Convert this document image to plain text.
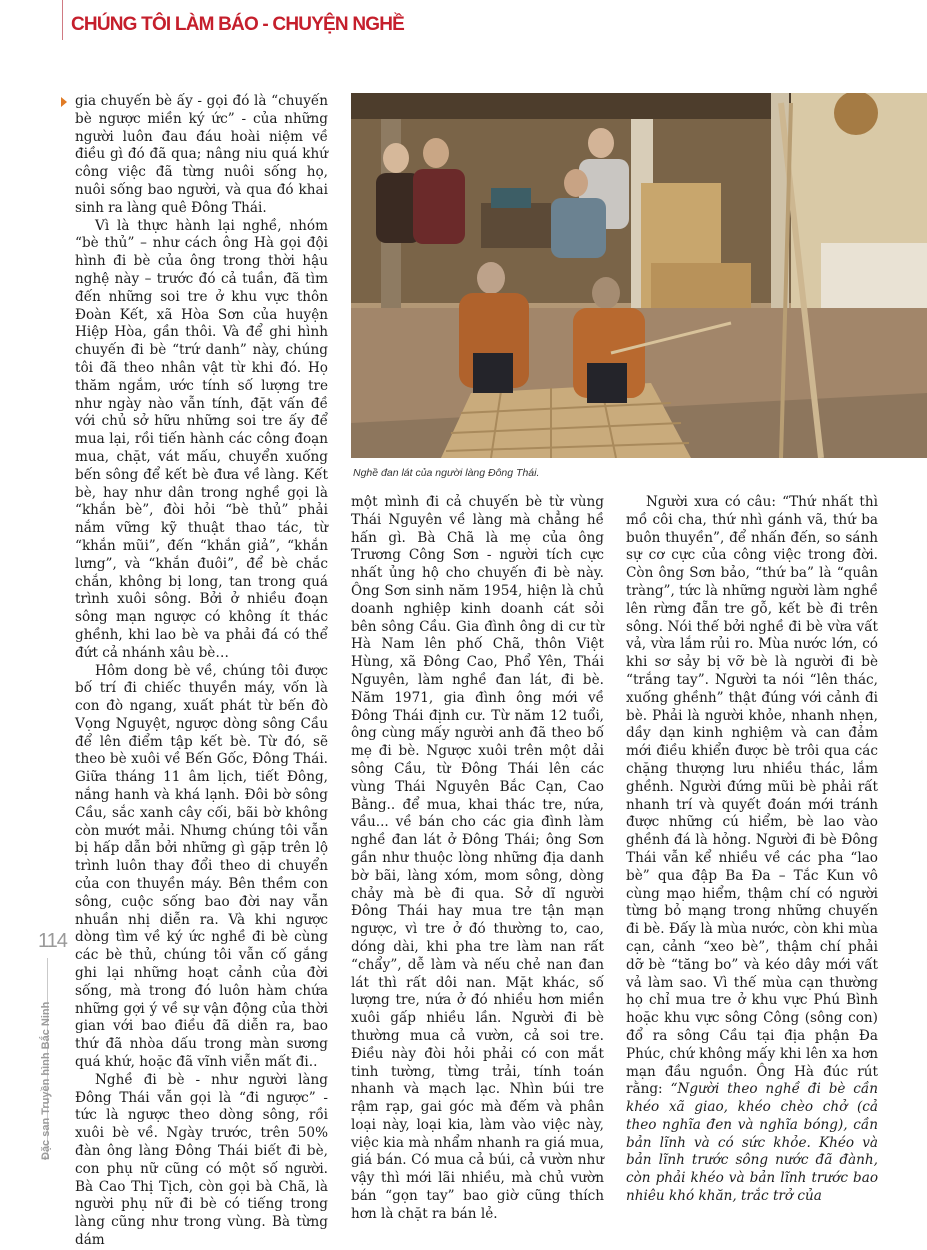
CHÚNG TÔI LÀM BÁO - CHUYỆN NGHỀ

gia chuyến bè ấy - gọi đó là “chuyến bè ngược miền ký ức” - của những người luôn đau đáu hoài niệm về điều gì đó đã qua; nâng niu quá khứ công việc đã từng nuôi sống họ, nuôi sống bao người, và qua đó khai sinh ra làng quê Đông Thái.

Vì là thực hành lại nghề, nhóm “bè thủ” – như cách ông Hà gọi đội hình đi bè của ông trong thời hậu nghệ này – trước đó cả tuần, đã tìm đến những soi tre ở khu vực thôn Đoàn Kết, xã Hòa Sơn của huyện Hiệp Hòa, gần thôi. Và để ghi hình chuyến đi bè “trứ danh” này, chúng tôi đã theo nhân vật từ khi đó. Họ thăm ngắm, ước tính số lượng tre như ngày nào vẫn tính, đặt vấn đề với chủ sở hữu những soi tre ấy để mua lại, rồi tiến hành các công đoạn mua, chặt, vát mấu, chuyển xuống bến sông để kết bè đưa về làng. Kết bè, hay như dân trong nghề gọi là “khắn bè”, đòi hỏi “bè thủ” phải nắm vững kỹ thuật thao tác, từ “khắn mũi”, đến “khắn giả”, “khắn lưng”, và “khắn đuôi”, để bè chắc chắn, không bị long, tan trong quá trình xuôi sông. Bởi ở nhiều đoạn sông mạn ngược có không ít thác ghềnh, khi lao bè va phải đá có thể đứt cả nhánh xâu bè…

Hôm dong bè về, chúng tôi được bố trí đi chiếc thuyền máy, vốn là con đò ngang, xuất phát từ bến đò Vọng Nguyệt, ngược dòng sông Cầu để lên điểm tập kết bè. Từ đó, sẽ theo bè xuôi về Bến Gốc, Đông Thái. Giữa tháng 11 âm lịch, tiết Đông, nắng hanh và khá lạnh. Đôi bờ sông Cầu, sắc xanh cây cối, bãi bờ không còn mướt mải. Nhưng chúng tôi vẫn bị hấp dẫn bởi những gì gặp trên lộ trình luôn thay đổi theo di chuyển của con thuyền máy. Bên thềm con sông, cuộc sống bao đời nay vẫn nhuần nhị diễn ra. Và khi ngược dòng tìm về ký ức nghề đi bè cùng các bè thủ, chúng tôi vẫn cố gắng ghi lại những hoạt cảnh của đời sống, mà trong đó luôn hàm chứa những gợi ý về sự vận động của thời gian với bao điều đã diễn ra, bao thứ đã nhòa dấu trong màn sương quá khứ, hoặc đã vĩnh viễn mất đi..

Nghề đi bè - như người làng Đông Thái vẫn gọi là “đi ngược” - tức là ngược theo dòng sông, rồi xuôi bè về. Ngày trước, trên 50% đàn ông làng Đông Thái biết đi bè, con phụ nữ cũng có một số người. Bà Cao Thị Tịch, còn gọi bà Chã, là người phụ nữ đi bè có tiếng trong làng cũng như trong vùng. Bà từng dám

Nghề đan lát của người làng Đông Thái.

một mình đi cả chuyến bè từ vùng Thái Nguyên về làng mà chẳng hề hấn gì. Bà Chã là mẹ của ông Trương Công Sơn - người tích cực nhất ủng hộ cho chuyến đi bè này. Ông Sơn sinh năm 1954, hiện là chủ doanh nghiệp kinh doanh cát sỏi bên sông Cầu. Gia đình ông di cư từ Hà Nam lên phố Chã, thôn Việt Hùng, xã Đông Cao, Phổ Yên, Thái Nguyên, làm nghề đan lát, đi bè. Năm 1971, gia đình ông mới về Đông Thái định cư. Từ năm 12 tuổi, ông cùng mấy người anh đã theo bố mẹ đi bè. Ngược xuôi trên một dải sông Cầu, từ Đông Thái lên các vùng Thái Nguyên Bắc Cạn, Cao Bằng.. để mua, khai thác tre, nứa, vầu... về bán cho các gia đình làm nghề đan lát ở Đông Thái; ông Sơn gần như thuộc lòng những địa danh bờ bãi, làng xóm, mom sông, dòng chảy mà bè đi qua. Sở dĩ người Đông Thái hay mua tre tận mạn ngược, vì tre ở đó thường to, cao, dóng dài, khi pha tre làm nan rất “chẩy”, dễ làm và nếu chẻ nan đan lát thì rất dôi nan. Mặt khác, số lượng tre, nứa ở đó nhiều hơn miền xuôi gấp nhiều lần. Người đi bè thường mua cả vườn, cả soi tre. Điều này đòi hỏi phải có con mắt tinh tường, từng trải, tính toán nhanh và mạch lạc. Nhìn búi tre rậm rạp, gai góc mà đếm và phân loại này, loại kia, làm vào việc này, việc kia mà nhẩm nhanh ra giá mua, giá bán. Có mua cả búi, cả vườn như vậy thì mới lãi nhiều, mà chủ vườn bán “gọn tay” bao giờ cũng thích hơn là chặt ra bán lẻ.

Người xưa có câu: “Thứ nhất thì mồ côi cha, thứ nhì gánh vã, thứ ba buôn thuyền”, để nhấn đến, so sánh sự cơ cực của công việc trong đời. Còn ông Sơn bảo, “thứ ba” là “quân tràng”, tức là những người làm nghề lên rừng đẵn tre gỗ, kết bè đi trên sông. Nói thế bởi nghề đi bè vừa vất vả, vừa lắm rủi ro. Mùa nước lớn, có khi sơ sảy bị vỡ bè là người đi bè “trắng tay”. Người ta nói “lên thác, xuống ghềnh” thật đúng với cảnh đi bè. Phải là người khỏe, nhanh nhẹn, dầy dạn kinh nghiệm và can đảm mới điều khiển được bè trôi qua các chặng thượng lưu nhiều thác, lắm ghềnh. Người đứng mũi bè phải rất nhanh trí và quyết đoán mới tránh được những cú hiểm, bè lao vào ghềnh đá là hỏng. Người đi bè Đông Thái vẫn kể nhiều về các pha “lao bè” qua đập Ba Đa – Tắc Kun vô cùng mạo hiểm, thậm chí có người từng bỏ mạng trong những chuyến đi bè. Đấy là mùa nước, còn khi mùa cạn, cảnh “xeo bè”, thậm chí phải dỡ bè “tăng bo” và kéo dây mới vất vả làm sao. Vì thế mùa cạn thường họ chỉ mua tre ở khu vực Phú Bình hoặc khu vực sông Công (sông con) đổ ra sông Cầu tại địa phận Đa Phúc, chứ không mấy khi lên xa hơn mạn đầu nguồn. Ông Hà đúc rút rằng: “Người theo nghề đi bè cần khéo xã giao, khéo chèo chở (cả theo nghĩa đen và nghĩa bóng), cần bản lĩnh và có sức khỏe. Khéo và bản lĩnh trước sông nước đã đành, còn phải khéo và bản lĩnh trước bao nhiêu khó khăn, trắc trở của

114
Đặc san Truyền hình Bắc Ninh
